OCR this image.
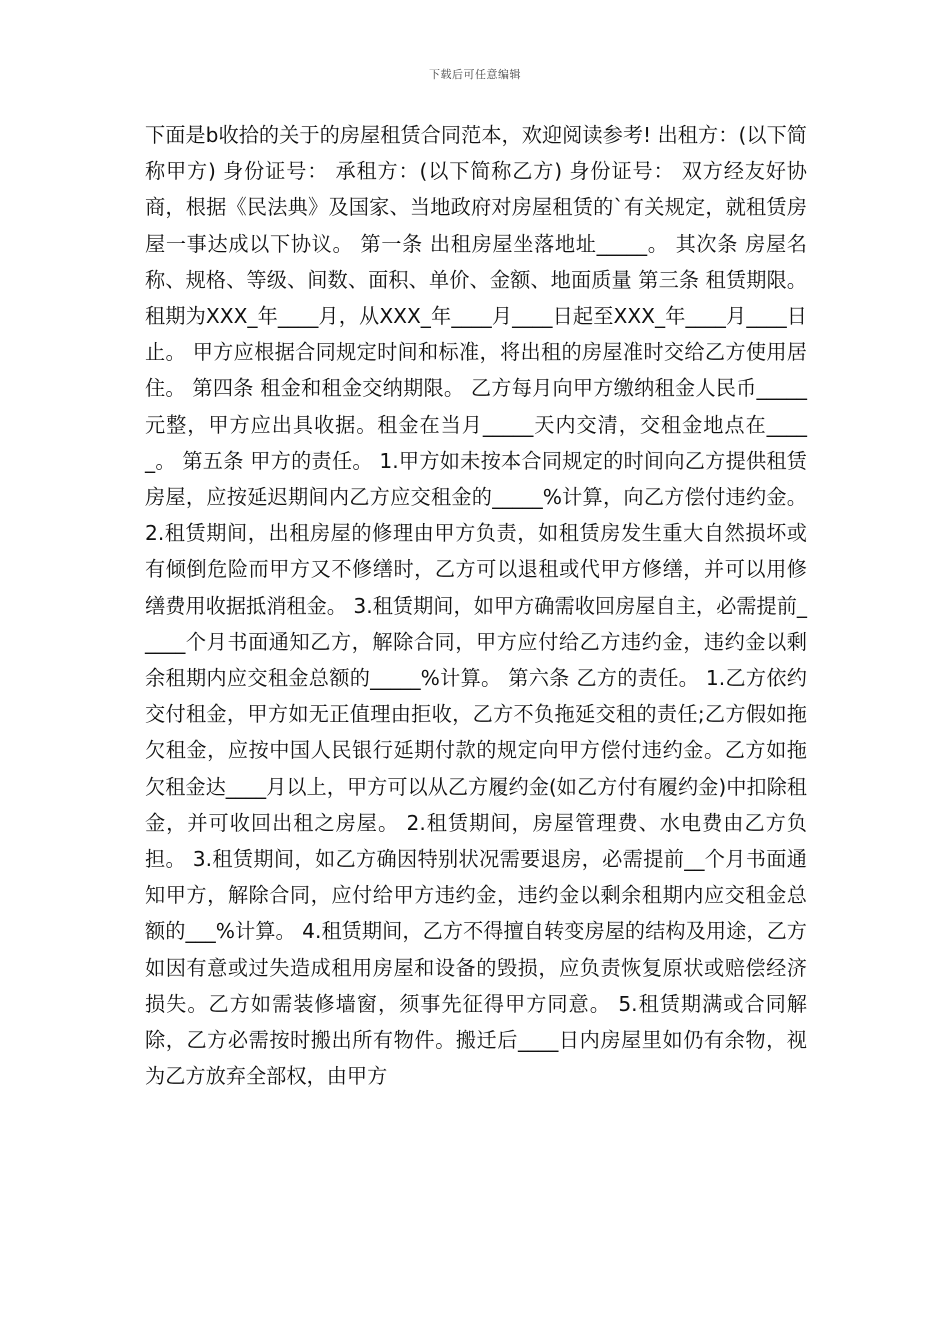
下载后可任意编辑

下面是b收拾的关于的房屋租赁合同范本，欢迎阅读参考! 出租方：(以下简称甲方) 身份证号： 承租方：(以下简称乙方) 身份证号： 双方经友好协商，根据《民法典》及国家、当地政府对房屋租赁的`有关规定，就租赁房屋一事达成以下协议。 第一条 出租房屋坐落地址_____。 其次条 房屋名称、规格、等级、间数、面积、单价、金额、地面质量 第三条 租赁期限。 租期为XXX_年____月，从XXX_年____月____日起至XXX_年____月____日止。 甲方应根据合同规定时间和标准，将出租的房屋准时交给乙方使用居住。 第四条 租金和租金交纳期限。 乙方每月向甲方缴纳租金人民币_____元整，甲方应出具收据。租金在当月_____天内交清，交租金地点在_____。 第五条 甲方的责任。 1.甲方如未按本合同规定的时间向乙方提供租赁房屋，应按延迟期间内乙方应交租金的_____%计算，向乙方偿付违约金。 2.租赁期间，出租房屋的修理由甲方负责，如租赁房发生重大自然损坏或有倾倒危险而甲方又不修缮时，乙方可以退租或代甲方修缮，并可以用修缮费用收据抵消租金。 3.租赁期间，如甲方确需收回房屋自主，必需提前_____个月书面通知乙方，解除合同，甲方应付给乙方违约金，违约金以剩余租期内应交租金总额的_____%计算。 第六条 乙方的责任。 1.乙方依约交付租金，甲方如无正值理由拒收，乙方不负拖延交租的责任;乙方假如拖欠租金，应按中国人民银行延期付款的规定向甲方偿付违约金。乙方如拖欠租金达____月以上，甲方可以从乙方履约金(如乙方付有履约金)中扣除租金，并可收回出租之房屋。 2.租赁期间，房屋管理费、水电费由乙方负担。 3.租赁期间，如乙方确因特别状况需要退房，必需提前__个月书面通知甲方，解除合同，应付给甲方违约金，违约金以剩余租期内应交租金总额的___%计算。 4.租赁期间，乙方不得擅自转变房屋的结构及用途，乙方如因有意或过失造成租用房屋和设备的毁损，应负责恢复原状或赔偿经济损失。乙方如需装修墙窗，须事先征得甲方同意。 5.租赁期满或合同解除，乙方必需按时搬出所有物件。搬迁后____日内房屋里如仍有余物，视为乙方放弃全部权，由甲方
